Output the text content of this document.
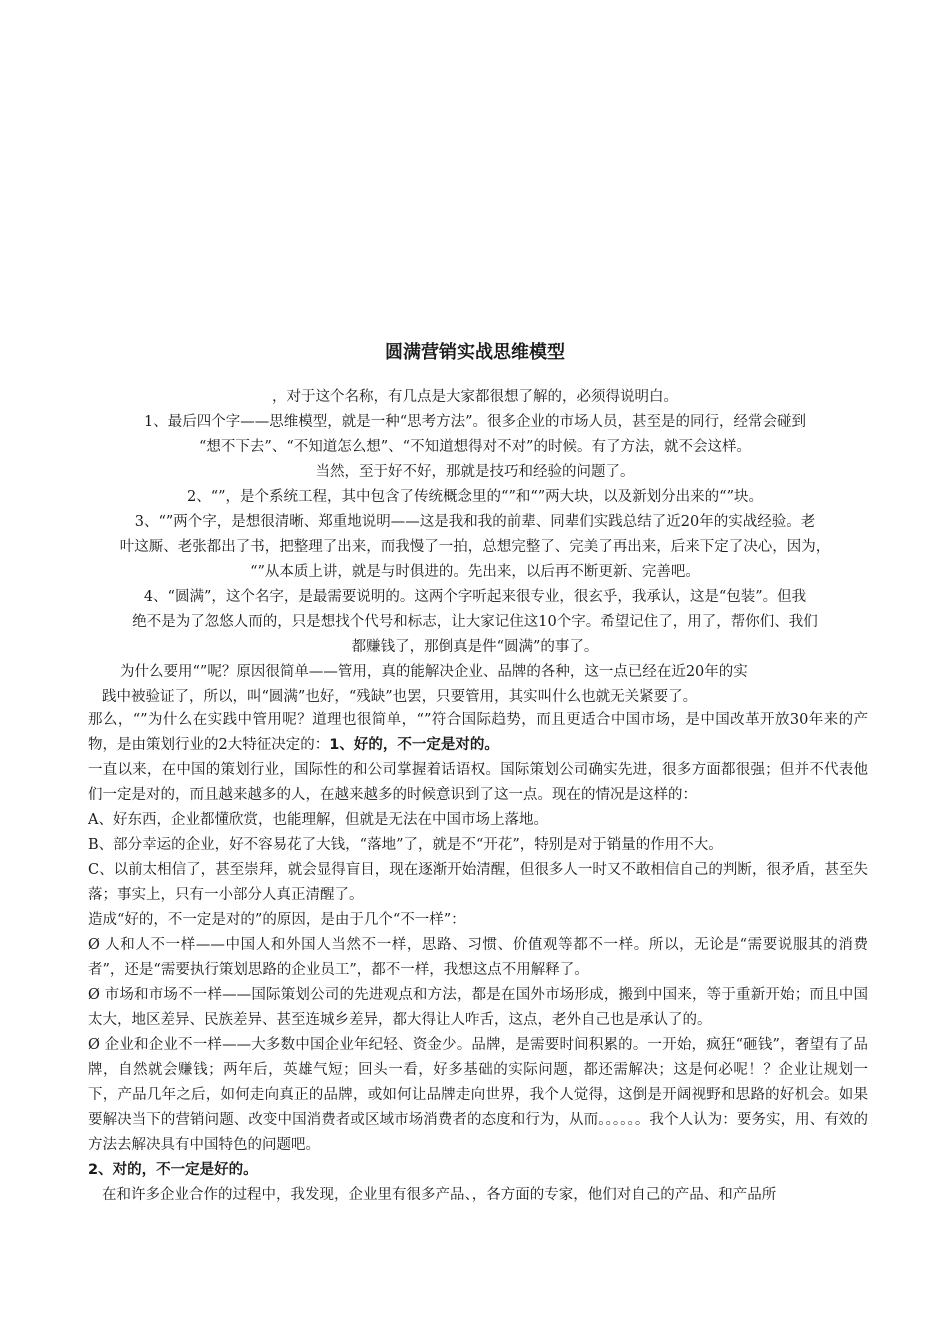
圆满营销实战思维模型

，对于这个名称，有几点是大家都很想了解的，必须得说明白。

1、最后四个字——思维模型，就是一种“思考方法”。很多企业的市场人员，甚至是的同行，经常会碰到

“想不下去”、“不知道怎么想”、“不知道想得对不对”的时候。有了方法，就不会这样。

当然，至于好不好，那就是技巧和经验的问题了。

2、“”，是个系统工程，其中包含了传统概念里的“”和“”两大块，以及新划分出来的“”块。

3、“”两个字，是想很清晰、郑重地说明——这是我和我的前辈、同辈们实践总结了近20年的实战经验。老

叶这厮、老张都出了书，把整理了出来，而我慢了一拍，总想完整了、完美了再出来，后来下定了决心，因为，

“”从本质上讲，就是与时俱进的。先出来，以后再不断更新、完善吧。

4、“圆满”，这个名字，是最需要说明的。这两个字听起来很专业，很玄乎，我承认，这是“包装”。但我

绝不是为了忽悠人而的，只是想找个代号和标志，让大家记住这10个字。希望记住了，用了，帮你们、我们

都赚钱了，那倒真是件“圆满”的事了。

为什么要用“”呢？原因很简单——管用，真的能解决企业、品牌的各种，这一点已经在近20年的实

践中被验证了，所以，叫“圆满”也好，“残缺”也罢，只要管用，其实叫什么也就无关紧要了。

那么，“”为什么在实践中管用呢？道理也很简单，“”符合国际趋势，而且更适合中国市场，是中国改革开放30年来的产物，是由策划行业的2大特征决定的：1、好的，不一定是对的。

一直以来，在中国的策划行业，国际性的和公司掌握着话语权。国际策划公司确实先进，很多方面都很强；但并不代表他们一定是对的，而且越来越多的人，在越来越多的时候意识到了这一点。现在的情况是这样的：

A、好东西，企业都懂欣赏，也能理解，但就是无法在中国市场上落地。

B、部分幸运的企业，好不容易花了大钱，“落地”了，就是不“开花”，特别是对于销量的作用不大。

C、以前太相信了，甚至崇拜，就会显得盲目，现在逐渐开始清醒，但很多人一时又不敢相信自己的判断，很矛盾，甚至失落；事实上，只有一小部分人真正清醒了。

造成“好的，不一定是对的”的原因，是由于几个“不一样”：

Ø 人和人不一样——中国人和外国人当然不一样，思路、习惯、价值观等都不一样。所以，无论是“需要说服其的消费者”，还是“需要执行策划思路的企业员工”，都不一样，我想这点不用解释了。

Ø 市场和市场不一样——国际策划公司的先进观点和方法，都是在国外市场形成，搬到中国来，等于重新开始；而且中国太大，地区差异、民族差异、甚至连城乡差异，都大得让人咋舌，这点，老外自己也是承认了的。

Ø 企业和企业不一样——大多数中国企业年纪轻、资金少。品牌，是需要时间积累的。一开始，疯狂“砸钱”，奢望有了品牌，自然就会赚钱；两年后，英雄气短；回头一看，好多基础的实际问题，都还需解决；这是何必呢！？企业让规划一下，产品几年之后，如何走向真正的品牌，或如何让品牌走向世界，我个人觉得，这倒是开阔视野和思路的好机会。如果要解决当下的营销问题、改变中国消费者或区域市场消费者的态度和行为，从而。。。。。。我个人认为：要务实，用、有效的方法去解决具有中国特色的问题吧。

2、对的，不一定是好的。

在和许多企业合作的过程中，我发现，企业里有很多产品、，各方面的专家，他们对自己的产品、和产品所
